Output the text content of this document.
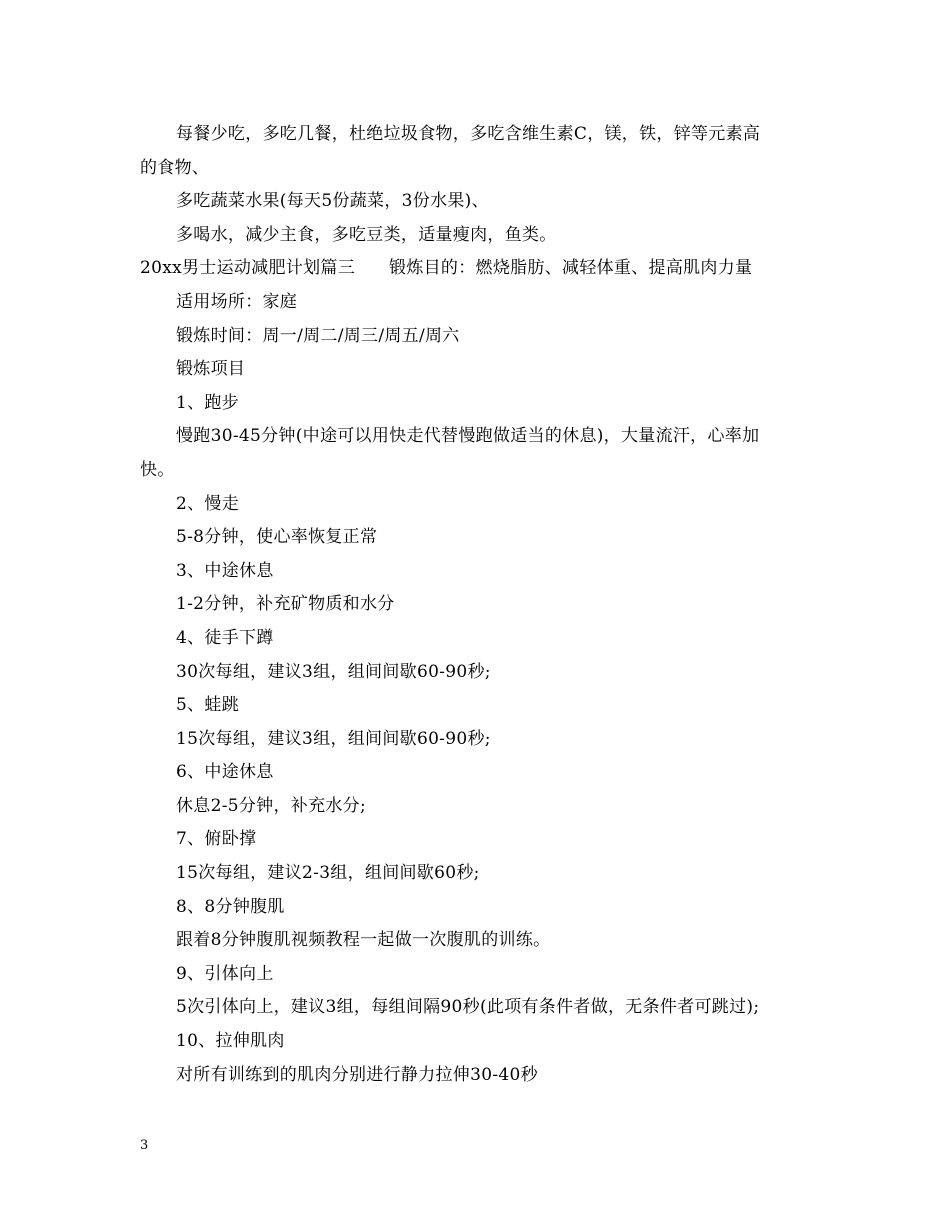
每餐少吃，多吃几餐，杜绝垃圾食物，多吃含维生素C，镁，铁，锌等元素高
的食物、
多吃蔬菜水果(每天5份蔬菜，3份水果)、
多喝水，减少主食，多吃豆类，适量瘦肉，鱼类。
20xx男士运动减肥计划篇三 锻炼目的：燃烧脂肪、减轻体重、提高肌肉力量
适用场所：家庭
锻炼时间：周一/周二/周三/周五/周六
锻炼项目
1、跑步
慢跑30-45分钟(中途可以用快走代替慢跑做适当的休息)，大量流汗，心率加
快。
2、慢走
5-8分钟，使心率恢复正常
3、中途休息
1-2分钟，补充矿物质和水分
4、徒手下蹲
30次每组，建议3组，组间间歇60-90秒;
5、蛙跳
15次每组，建议3组，组间间歇60-90秒;
6、中途休息
休息2-5分钟，补充水分;
7、俯卧撑
15次每组，建议2-3组，组间间歇60秒;
8、8分钟腹肌
跟着8分钟腹肌视频教程一起做一次腹肌的训练。
9、引体向上
5次引体向上，建议3组，每组间隔90秒(此项有条件者做，无条件者可跳过);
10、拉伸肌肉
对所有训练到的肌肉分别进行静力拉伸30-40秒
3
